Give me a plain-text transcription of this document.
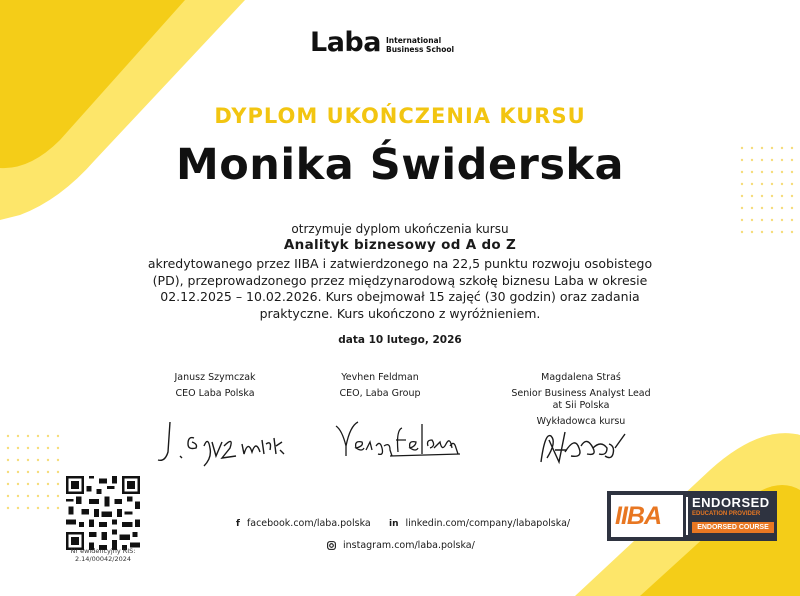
Laba International
Business School
DYPLOM UKOŃCZENIA KURSU
Monika Świderska
otrzymuje dyplom ukończenia kursu
Analityk biznesowy od A do Z
akredytowanego przez IIBA i zatwierdzonego na 22,5 punktu rozwoju osobistego
(PD), przeprowadzonego przez międzynarodową szkołę biznesu Laba w okresie
02.12.2025 – 10.02.2026. Kurs obejmował 15 zajęć (30 godzin) oraz zadania
praktyczne. Kurs ukończono z wyróżnieniem.
data 10 lutego, 2026
Janusz Szymczak
CEO Laba Polska
Yevhen Feldman
CEO, Laba Group
Magdalena Straś
Senior Business Analyst Lead
at Sii Polska
Wykładowca kursu
Nr ewidencyjny RIS:
2.14/00042/2024
f facebook.com/laba.polska in linkedin.com/company/labapolska/
instagram.com/laba.polska/
IIBA ENDORSED
EDUCATION PROVIDER
ENDORSED COURSE
